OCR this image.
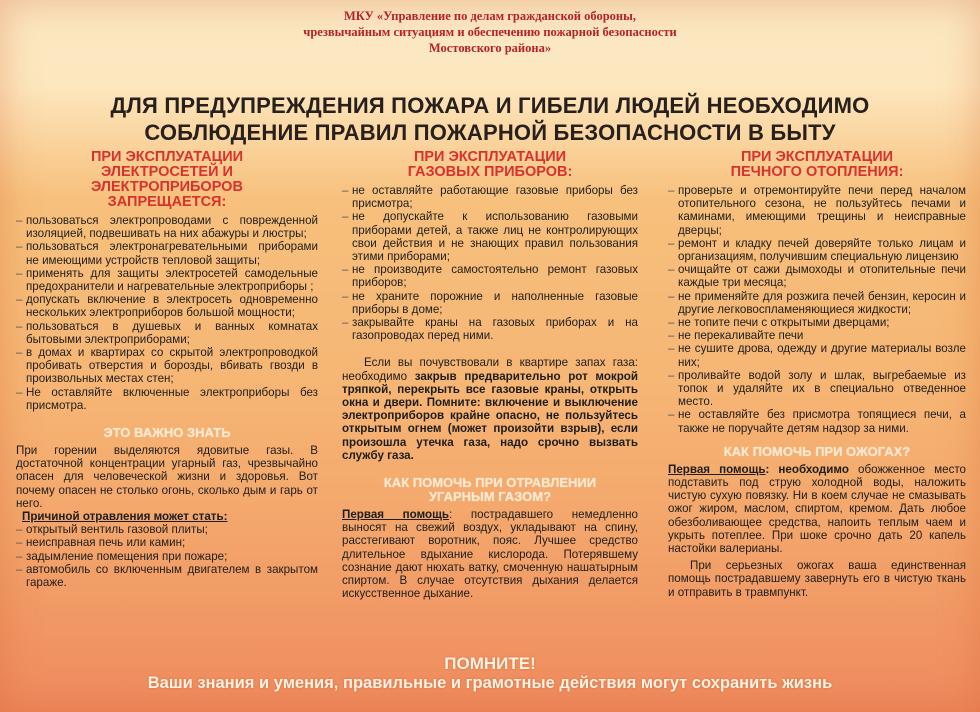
МКУ «Управление по делам гражданской обороны,
чрезвычайным ситуациям и обеспечению пожарной безопасности
Мостовского района»
ДЛЯ ПРЕДУПРЕЖДЕНИЯ ПОЖАРА И ГИБЕЛИ ЛЮДЕЙ НЕОБХОДИМО
СОБЛЮДЕНИЕ ПРАВИЛ ПОЖАРНОЙ БЕЗОПАСНОСТИ В БЫТУ
ПРИ ЭКСПЛУАТАЦИИ
ЭЛЕКТРОСЕТЕЙ И
ЭЛЕКТРОПРИБОРОВ
ЗАПРЕЩАЕТСЯ:
– пользоваться электропроводами с поврежденной изоляцией, подвешивать на них абажуры и люстры;
– пользоваться электронагревательными приборами не имеющими устройств тепловой защиты;
– применять для защиты электросетей самодельные предохранители и нагревательные электроприборы ;
– допускать включение в электросеть одновременно нескольких электроприборов большой мощности;
– пользоваться в душевых и ванных комнатах бытовыми электроприборами;
– в домах и квартирах со скрытой электропроводкой пробивать отверстия и борозды, вбивать гвозди в произвольных местах стен;
– Не оставляйте включенные электроприборы без присмотра.
ЭТО ВАЖНО ЗНАТЬ
При горении выделяются ядовитые газы. В достаточной концентрации угарный газ, чрезвычайно опасен для человеческой жизни и здоровья. Вот почему опасен не столько огонь, сколько дым и гарь от него.
Причиной отравления может стать:
– открытый вентиль газовой плиты;
– неисправная печь или камин;
– задымление помещения при пожаре;
– автомобиль со включенным двигателем в закрытом гараже.
ПРИ ЭКСПЛУАТАЦИИ
ГАЗОВЫХ ПРИБОРОВ:
– не оставляйте работающие газовые приборы без присмотра;
– не допускайте к использованию газовыми приборами детей, а также лиц не контролирующих свои действия и не знающих правил пользования этими приборами;
– не производите самостоятельно ремонт газовых приборов;
– не храните порожние и наполненные газовые приборы в доме;
– закрывайте краны на газовых приборах и на газопроводах перед ними.
Если вы почувствовали в квартире запах газа: необходимо закрыв предварительно рот мокрой тряпкой, перекрыть все газовые краны, открыть окна и двери. Помните: включение и выключение электроприборов крайне опасно, не пользуйтесь открытым огнем (может произойти взрыв), если произошла утечка газа, надо срочно вызвать службу газа.
КАК ПОМОЧЬ ПРИ ОТРАВЛЕНИИ
УГАРНЫМ ГАЗОМ?
Первая помощь: пострадавшего немедленно выносят на свежий воздух, укладывают на спину, расстегивают воротник, пояс. Лучшее средство длительное вдыхание кислорода. Потерявшему сознание дают нюхать ватку, смоченную нашатырным спиртом. В случае отсутствия дыхания делается искусственное дыхание.
ПРИ ЭКСПЛУАТАЦИИ
ПЕЧНОГО ОТОПЛЕНИЯ:
– проверьте и отремонтируйте печи перед началом отопительного сезона, не пользуйтесь печами и каминами, имеющими трещины и неисправные дверцы;
– ремонт и кладку печей доверяйте только лицам и организациям, получившим специальную лицензию
– очищайте от сажи дымоходы и отопительные печи каждые три месяца;
– не применяйте для розжига печей бензин, керосин и другие легковоспламеняющиеся жидкости;
– не топите печи с открытыми дверцами;
– не перекаливайте печи
– не сушите дрова, одежду и другие материалы возле них;
– проливайте водой золу и шлак, выгребаемые из топок и удаляйте их в специально отведенное место.
– не оставляйте без присмотра топящиеся печи, а также не поручайте детям надзор за ними.
КАК ПОМОЧЬ ПРИ ОЖОГАХ?
Первая помощь: необходимо обожженное место подставить под струю холодной воды, наложить чистую сухую повязку. Ни в коем случае не смазывать ожог жиром, маслом, спиртом, кремом. Дать любое обезболивающее средства, напоить теплым чаем и укрыть потеплее. При шоке срочно дать 20 капель настойки валерианы.
При серьезных ожогах ваша единственная помощь пострадавшему завернуть его в чистую ткань и отправить в травмпункт.
ПОМНИТЕ!
Ваши знания и умения, правильные и грамотные действия могут сохранить жизнь
